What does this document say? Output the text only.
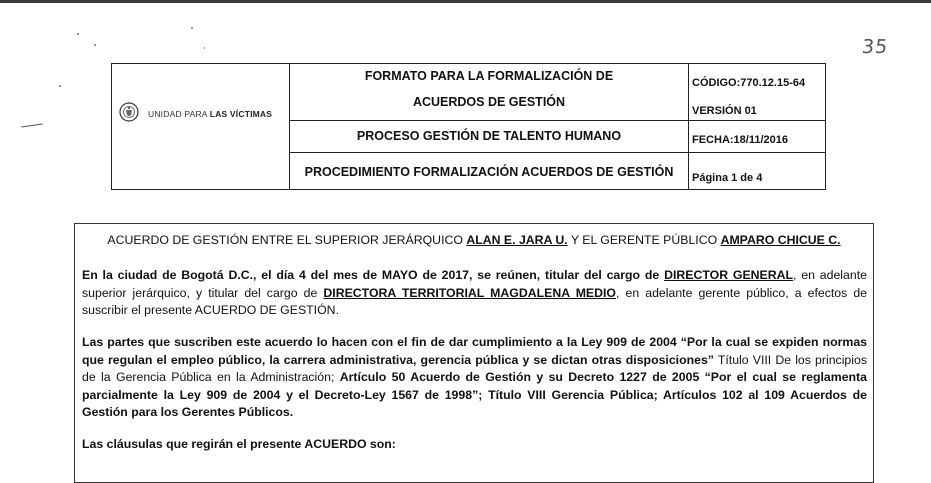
35
UNIDAD PARA LAS VÍCTIMAS
FORMATO PARA LA FORMALIZACIÓN DE
ACUERDOS DE GESTIÓN
PROCESO GESTIÓN DE TALENTO HUMANO
PROCEDIMIENTO FORMALIZACIÓN ACUERDOS DE GESTIÓN
CÓDIGO:770.12.15-64
VERSIÓN 01
FECHA:18/11/2016
Página 1 de 4
ACUERDO DE GESTIÓN ENTRE EL SUPERIOR JERÁRQUICO ALAN E. JARA U. Y EL GERENTE PÚBLICO AMPARO CHICUE C.
En la ciudad de Bogotá D.C., el día 4 del mes de MAYO de 2017, se reúnen, titular del cargo de DIRECTOR GENERAL, en adelante superior jerárquico, y titular del cargo de DIRECTORA TERRITORIAL MAGDALENA MEDIO, en adelante gerente público, a efectos de suscribir el presente ACUERDO DE GESTIÓN.
Las partes que suscriben este acuerdo lo hacen con el fin de dar cumplimiento a la Ley 909 de 2004 “Por la cual se expiden normas que regulan el empleo público, la carrera administrativa, gerencia pública y se dictan otras disposiciones” Título VIII De los principios de la Gerencia Pública en la Administración; Artículo 50 Acuerdo de Gestión y su Decreto 1227 de 2005 “Por el cual se reglamenta parcialmente la Ley 909 de 2004 y el Decreto-Ley 1567 de 1998”; Título VIII Gerencia Pública; Artículos 102 al 109 Acuerdos de Gestión para los Gerentes Públicos.
Las cláusulas que regirán el presente ACUERDO son:
